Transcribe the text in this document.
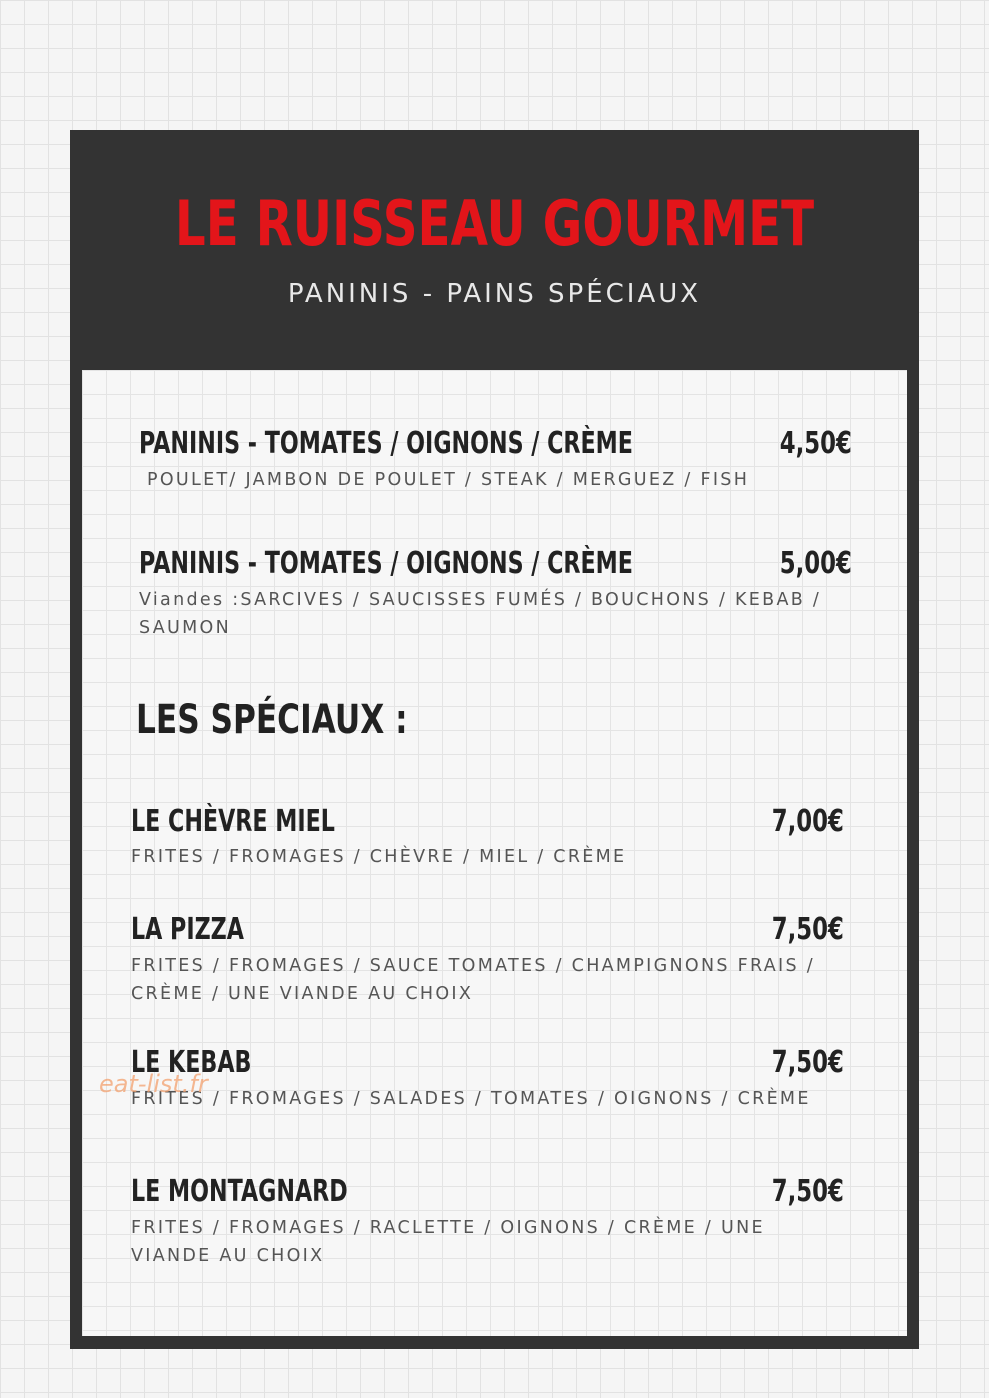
LE RUISSEAU GOURMET
PANINIS - PAINS SPÉCIAUX
PANINIS - TOMATES / OIGNONS / CRÈME	4,50€
POULET/ JAMBON DE POULET / STEAK / MERGUEZ / FISH
PANINIS - TOMATES / OIGNONS / CRÈME	5,00€
Viandes :SARCIVES / SAUCISSES FUMÉS / BOUCHONS / KEBAB / SAUMON
LES SPÉCIAUX :
LE CHÈVRE MIEL	7,00€
FRITES / FROMAGES / CHÈVRE / MIEL / CRÈME
LA PIZZA	7,50€
FRITES / FROMAGES / SAUCE TOMATES / CHAMPIGNONS FRAIS / CRÈME / UNE VIANDE AU CHOIX
LE KEBAB	7,50€
FRITES / FROMAGES / SALADES / TOMATES / OIGNONS / CRÈME
LE MONTAGNARD	7,50€
FRITES / FROMAGES / RACLETTE / OIGNONS / CRÈME / UNE VIANDE AU CHOIX
eat-list.fr
